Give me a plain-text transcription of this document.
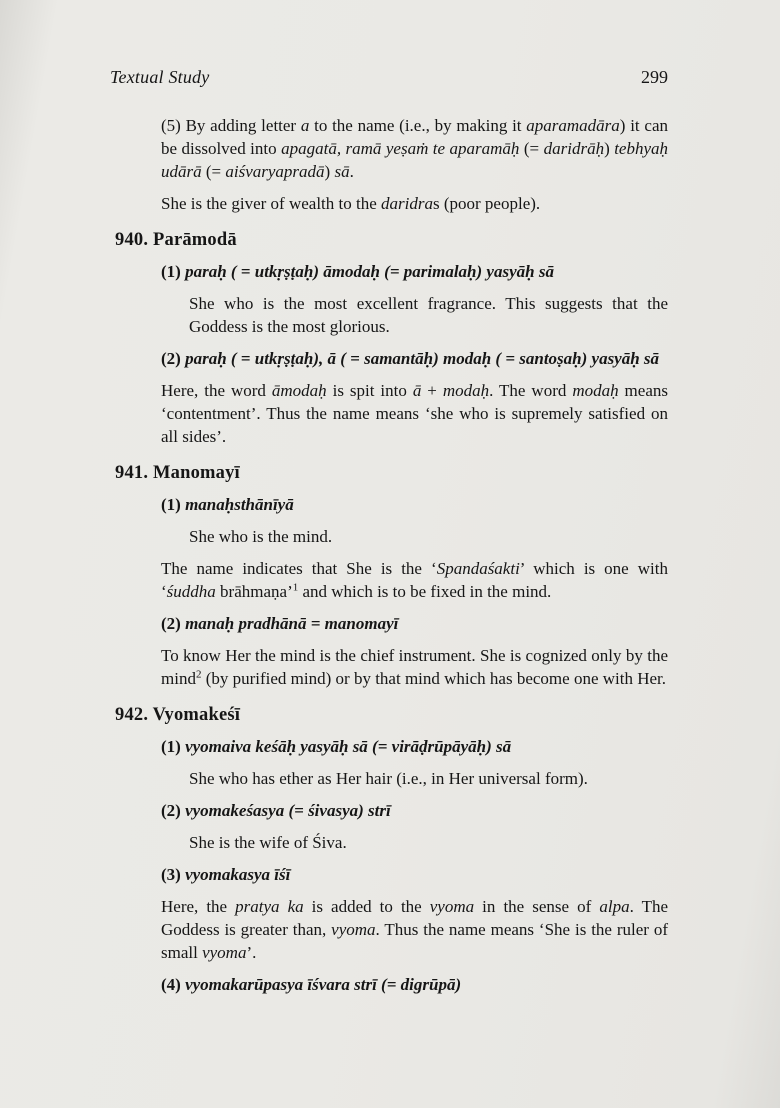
Textual Study	299
(5) By adding letter a to the name (i.e., by making it aparamadāra) it can be dissolved into apagatā, ramā yeṣaṁ te aparamāḥ (= daridrāḥ) tebhyaḥ udārā (= aiśvaryapradā) sā.
She is the giver of wealth to the daridras (poor people).
940. Parāmodā
(1) paraḥ ( = utkṛṣṭaḥ) āmodaḥ (= parimalaḥ) yasyāḥ sā
She who is the most excellent fragrance. This suggests that the Goddess is the most glorious.
(2) paraḥ ( = utkṛṣṭaḥ), ā ( = samantāḥ) modaḥ ( = santoṣaḥ) yasyāḥ sā
Here, the word āmodaḥ is spit into ā + modaḥ. The word modaḥ means ‘contentment’. Thus the name means ‘she who is supremely satisfied on all sides’.
941. Manomayī
(1) manaḥsthānīyā
She who is the mind.
The name indicates that She is the ‘Spandaśakti’ which is one with ‘śuddha brāhmaṇa’$^1$ and which is to be fixed in the mind.
(2) manaḥ pradhānā = manomayī
To know Her the mind is the chief instrument. She is cognized only by the mind$^2$ (by purified mind) or by that mind which has become one with Her.
942. Vyomakeśī
(1) vyomaiva keśāḥ yasyāḥ sā (= virāḍrūpāyāḥ) sā
She who has ether as Her hair (i.e., in Her universal form).
(2) vyomakeśasya (= śivasya) strī
She is the wife of Śiva.
(3) vyomakasya īśī
Here, the pratya ka is added to the vyoma in the sense of alpa. The Goddess is greater than, vyoma. Thus the name means ‘She is the ruler of small vyoma’.
(4) vyomakarūpasya īśvara strī (= digrūpā)
